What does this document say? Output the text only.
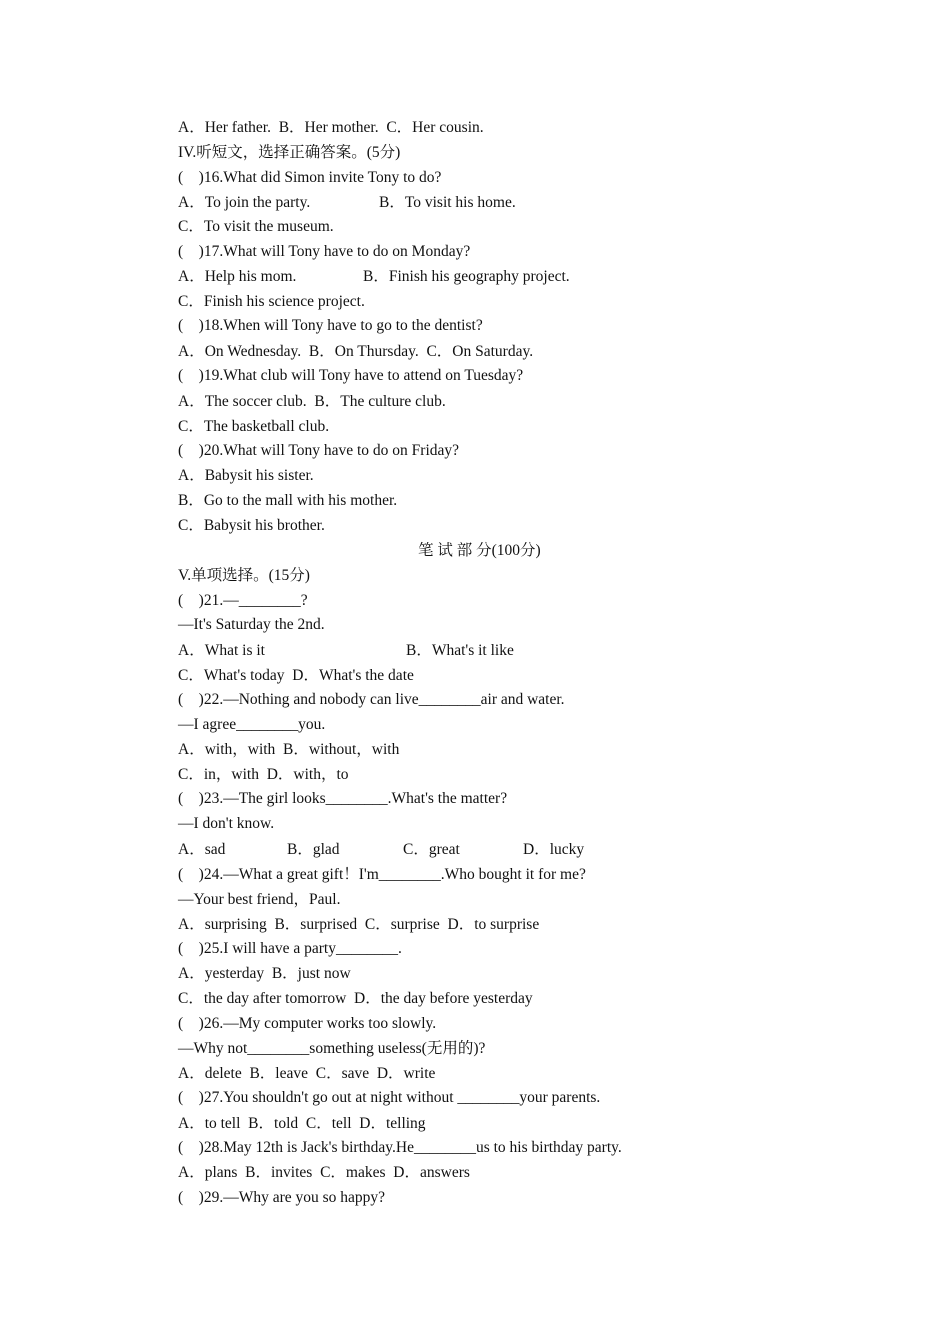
A．Her father.  B．Her mother.  C．Her cousin.
IV.听短文，选择正确答案。(5分)
(    )16.What did Simon invite Tony to do?
A．To join the party.	B．To visit his home.
C．To visit the museum.
(    )17.What will Tony have to do on Monday?
A．Help his mom.	B．Finish his geography project.
C．Finish his science project.
(    )18.When will Tony have to go to the dentist?
A．On Wednesday.  B．On Thursday.  C．On Saturday.
(    )19.What club will Tony have to attend on Tuesday?
A．The soccer club.  B．The culture club.
C．The basketball club.
(    )20.What will Tony have to do on Friday?
A．Babysit his sister.
B．Go to the mall with his mother.
C．Babysit his brother.
笔 试 部 分(100分)
V.单项选择。(15分)
(    )21.—________?
—It's Saturday the 2nd.
A．What is it	B．What's it like
C．What's today  D．What's the date
(    )22.—Nothing and nobody can live________air and water.
—I agree________you.
A．with，with  B．without，with
C．in，with  D．with，to
(    )23.—The girl looks________.What's the matter?
—I don't know.
A．sad	B．glad	C．great	D．lucky
(    )24.—What a great gift！I'm________.Who bought it for me?
—Your best friend，Paul.
A．surprising  B．surprised  C．surprise  D．to surprise
(    )25.I will have a party________.
A．yesterday  B．just now
C．the day after tomorrow  D．the day before yesterday
(    )26.—My computer works too slowly.
—Why not________something useless(无用的)?
A．delete  B．leave  C．save  D．write
(    )27.You shouldn't go out at night without ________your parents.
A．to tell  B．told  C．tell  D．telling
(    )28.May 12th is Jack's birthday.He________us to his birthday party.
A．plans  B．invites  C．makes  D．answers
(    )29.—Why are you so happy?
